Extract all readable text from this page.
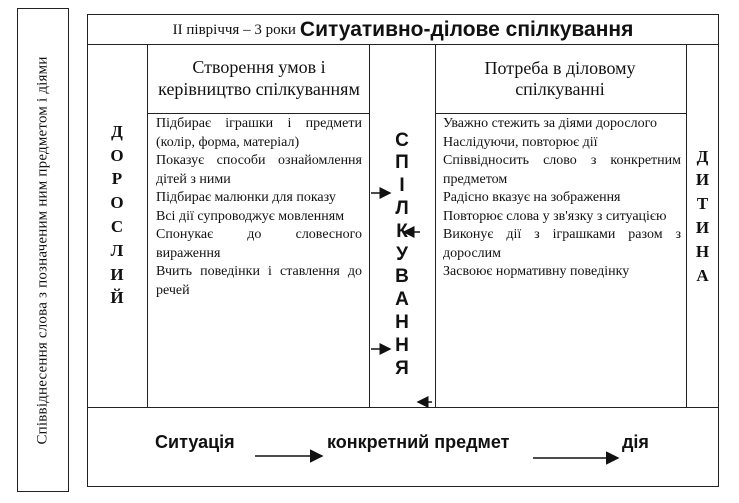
Співвіднесення слова з позначеним ним предметом і діями
ІІ півріччя – 3 роки Ситуативно-ділове спілкування
Створення умов і керівництво спілкуванням
Потреба в діловому спілкуванні
Д
О
Р
О
С
Л
И
Й
Д
И
Т
И
Н
А
С
П
І
Л
К
У
В
А
Н
Н
Я
Підбирає іграшки і предмети (колір, форма, матеріал)
Показує способи ознайомлення дітей з ними
Підбирає малюнки для показу
Всі дії супроводжує мовленням
Спонукає до словесного вираження
Вчить поведінки і ставлення до речей
Уважно стежить за діями дорослого
Наслідуючи, повторює дії
Співвідносить слово з конкретним предметом
Радісно вказує на зображення
Повторює слова у зв'язку з ситуацією
Виконує дії з іграшками разом з дорослим
Засвоює нормативну поведінку
Ситуація	конкретний предмет	дія
